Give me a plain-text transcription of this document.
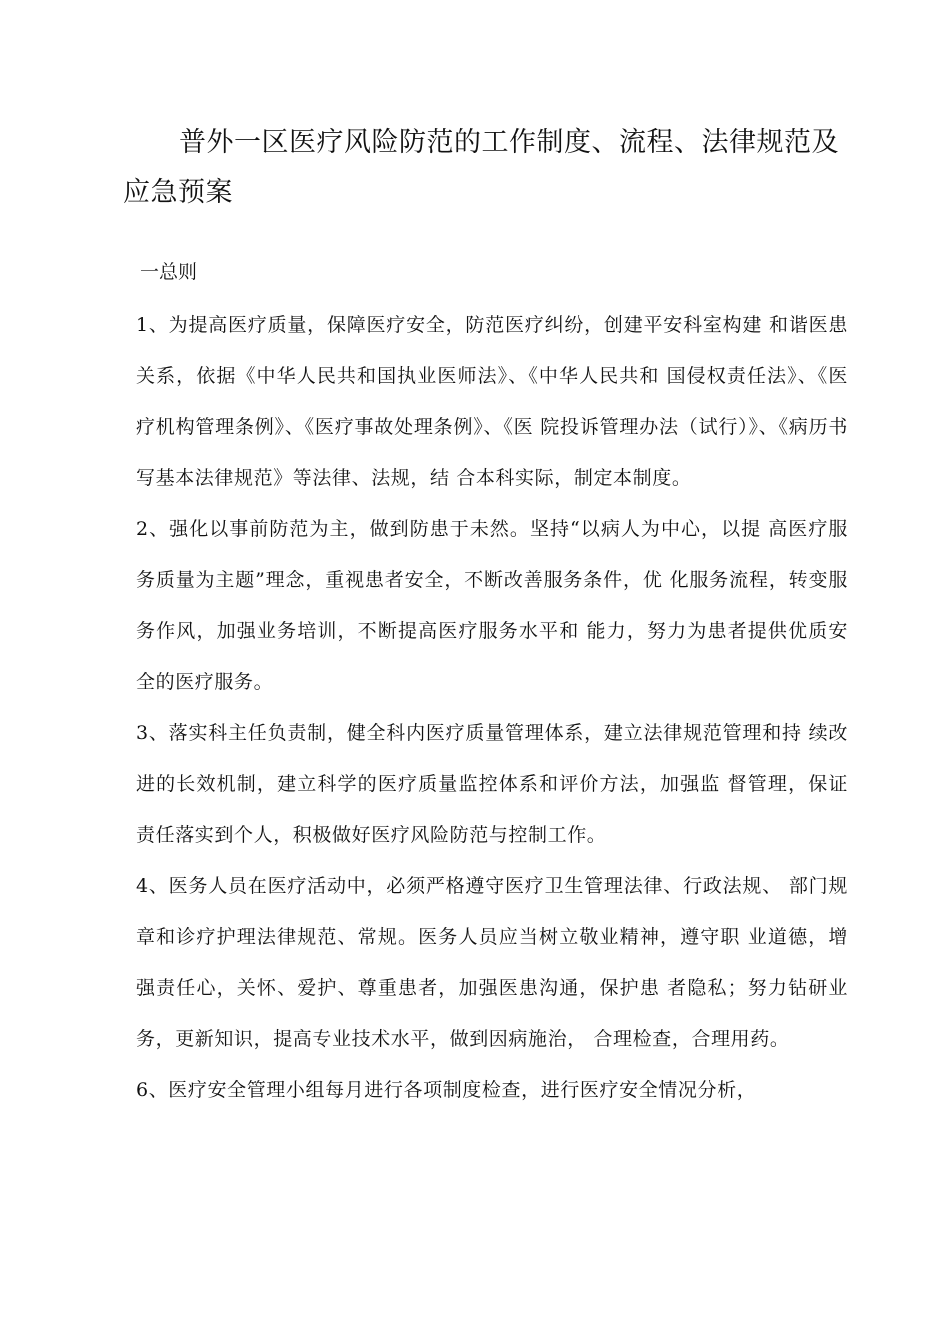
普外一区医疗风险防范的工作制度、流程、法律规范及应急预案
一总则

1、为提高医疗质量，保障医疗安全，防范医疗纠纷，创建平安科室构建 和谐医患关系，依据《中华人民共和国执业医师法》、《中华人民共和 国侵权责任法》、《医疗机构管理条例》、《医疗事故处理条例》、《医 院投诉管理办法（试行）》、《病历书写基本法律规范》等法律、法规，结 合本科实际，制定本制度。

2、强化以事前防范为主，做到防患于未然。坚持“以病人为中心，以提 高医疗服务质量为主题”理念，重视患者安全，不断改善服务条件，优 化服务流程，转变服务作风，加强业务培训，不断提高医疗服务水平和 能力，努力为患者提供优质安全的医疗服务。

3、落实科主任负责制，健全科内医疗质量管理体系，建立法律规范管理和持 续改进的长效机制，建立科学的医疗质量监控体系和评价方法，加强监 督管理，保证责任落实到个人，积极做好医疗风险防范与控制工作。

4、医务人员在医疗活动中，必须严格遵守医疗卫生管理法律、行政法规、 部门规章和诊疗护理法律规范、常规。医务人员应当树立敬业精神，遵守职 业道德，增强责任心，关怀、爱护、尊重患者，加强医患沟通，保护患 者隐私；努力钻研业务，更新知识，提高专业技术水平，做到因病施治， 合理检查，合理用药。

6、医疗安全管理小组每月进行各项制度检查，进行医疗安全情况分析，
